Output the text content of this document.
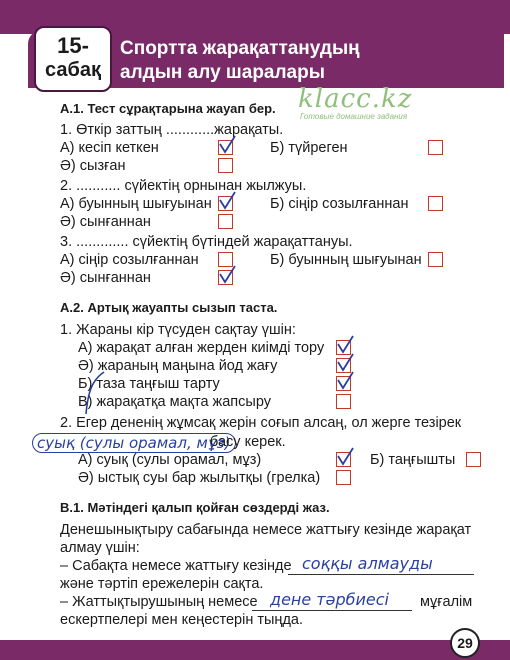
15-
сабақ
Спортта жарақаттанудың
алдын алу шаралары
klacc.kz
Готовые домашние задания
А.1. Тест сұрақтарына жауап бер.
1. Өткір заттың ............жарақаты.
А) кесіп кеткен	Б) түйреген
Ә) сызған
2. ........... сүйектің орнынан жылжуы.
А) буынның шығуынан	Б) сіңір созылғаннан
Ә) сынғаннан
3. ............. сүйектің бүтіндей жарақаттануы.
А) сіңір созылғаннан	Б) буынның шығуынан
Ә) сынғаннан
А.2. Артық жауапты сызып таста.
1. Жараны кір түсуден сақтау үшін:
А) жарақат алған жерден киімді тору
Ә) жараның маңына йод жағу
Б) таза таңғыш тарту
В) жарақатқа мақта жапсыру
2. Егер дененің жұмсақ жерін соғып алсаң, ол жерге тезірек
суық (сулы орамал, мұз)
басу керек.
А) суық (сулы орамал, мұз)	Б) таңғышты
Ә) ыстық суы бар жылытқы (грелка)
В.1. Мәтіндегі қалып қойған сөздерді жаз.
Денешынықтыру сабағында немесе жаттығу кезінде жарақат
алмау үшін:
– Сабақта немесе жаттығу кезінде соққы алмауды
және тәртіп ережелерін сақта.
– Жаттықтырушының немесе дене тәрбиесі мұғалім
ескертпелері мен кеңестерін тыңда.
29
